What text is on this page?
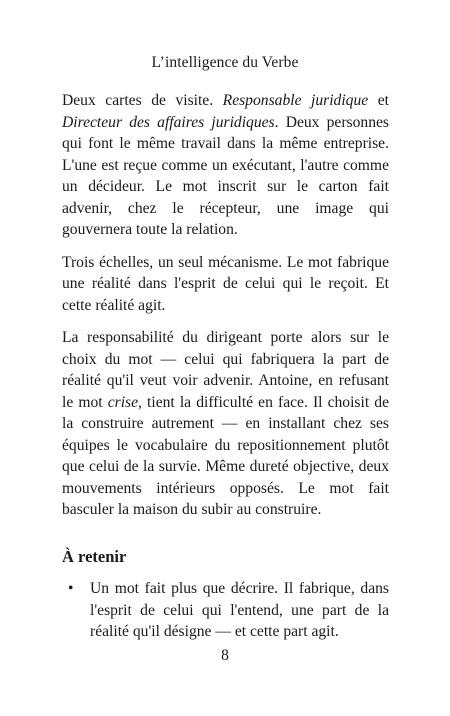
L’intelligence du Verbe

Deux cartes de visite. Responsable juridique et Directeur des affaires juridiques. Deux personnes qui font le même travail dans la même entreprise. L'une est reçue comme un exécutant, l'autre comme un décideur. Le mot inscrit sur le carton fait advenir, chez le récepteur, une image qui gouvernera toute la relation.

Trois échelles, un seul mécanisme. Le mot fabrique une réalité dans l'esprit de celui qui le reçoit. Et cette réalité agit.

La responsabilité du dirigeant porte alors sur le choix du mot — celui qui fabriquera la part de réalité qu'il veut voir advenir. Antoine, en refusant le mot crise, tient la difficulté en face. Il choisit de la construire autrement — en installant chez ses équipes le vocabulaire du repositionnement plutôt que celui de la survie. Même dureté objective, deux mouvements intérieurs opposés. Le mot fait basculer la maison du subir au construire.

À retenir
• Un mot fait plus que décrire. Il fabrique, dans l'esprit de celui qui l'entend, une part de la réalité qu'il désigne — et cette part agit.
8
